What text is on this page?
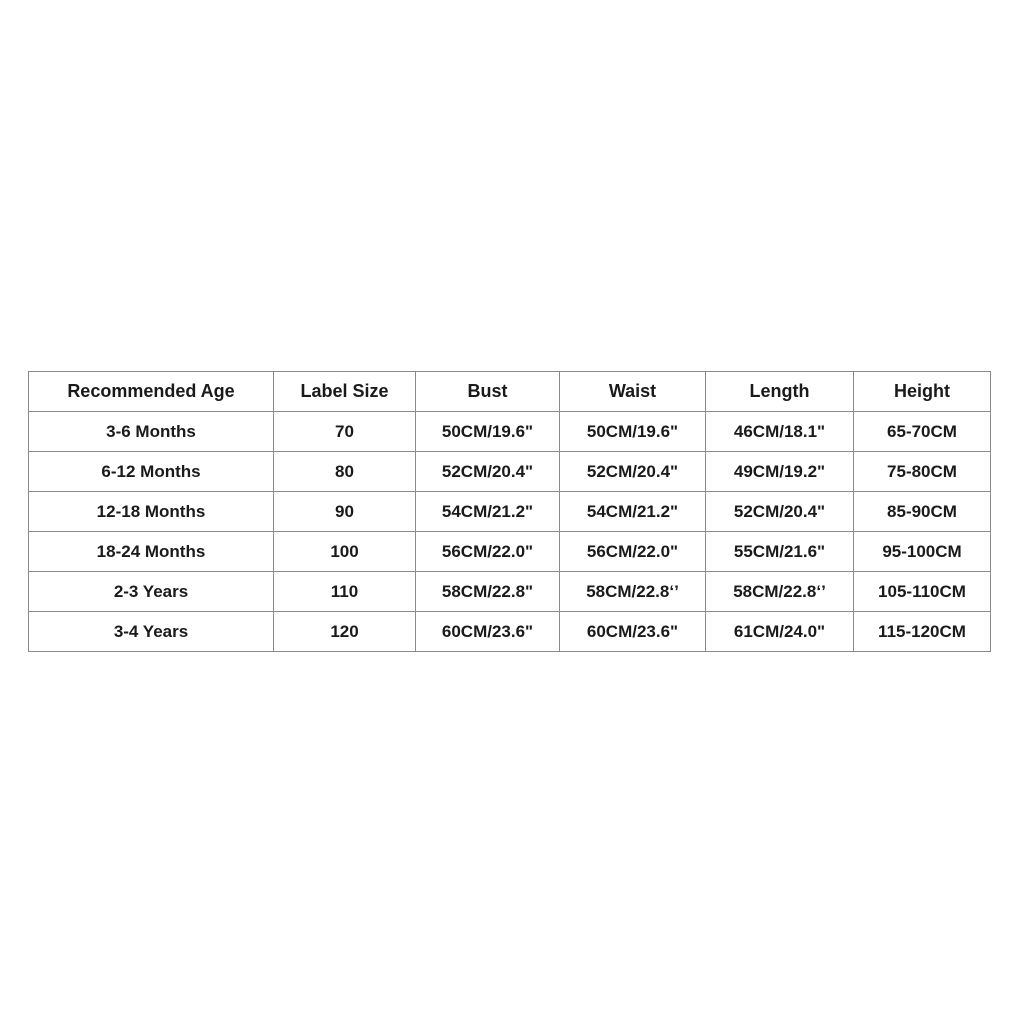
Recommended Age	Label Size	Bust	Waist	Length	Height
3-6 Months	70	50CM/19.6"	50CM/19.6"	46CM/18.1"	65-70CM
6-12 Months	80	52CM/20.4"	52CM/20.4"	49CM/19.2"	75-80CM
12-18 Months	90	54CM/21.2"	54CM/21.2"	52CM/20.4"	85-90CM
18-24 Months	100	56CM/22.0"	56CM/22.0"	55CM/21.6"	95-100CM
2-3 Years	110	58CM/22.8"	58CM/22.8‘’	58CM/22.8‘’	105-110CM
3-4 Years	120	60CM/23.6"	60CM/23.6"	61CM/24.0"	115-120CM
